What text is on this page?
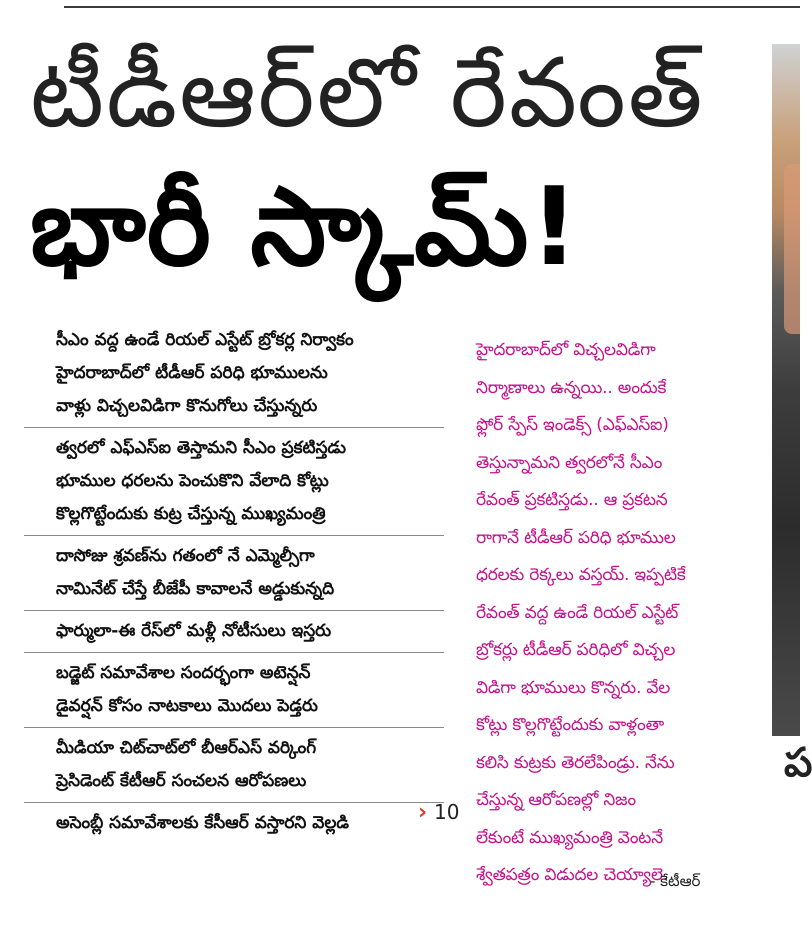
టీడీఆర్‌లో రేవంత్‌
భారీ స్కామ్‌!
ప
సీఎం వద్ద ఉండే రియల్‌ ఎస్టేట్‌ బ్రోకర్ల నిర్వాకం
హైదరాబాద్‌లో టీడీఆర్‌ పరిధి భూములను
వాళ్లు విచ్చలవిడిగా కొనుగోలు చేస్తున్నరు
త్వరలో ఎఫ్‌ఎస్‌ఐ తెస్తామని సీఎం ప్రకటిస్తడు
భూముల ధరలను పెంచుకొని వేలాది కోట్లు
కొల్లగొట్టేందుకు కుట్ర చేస్తున్న ముఖ్యమంత్రి
దాసోజు శ్రవణ్‌ను గతంలో నే ఎమ్మెల్సీగా
నామినేట్‌ చేస్తే బీజేపీ కావాలనే అడ్డుకున్నది
ఫార్ములా-ఈ రేస్‌లో మళ్లీ నోటీసులు ఇస్తరు
బడ్జెట్‌ సమావేశాల సందర్భంగా అటెన్షన్‌
డైవర్షన్‌ కోసం నాటకాలు మొదలు పెడ్తరు
మీడియా చిట్‌చాట్‌లో బీఆర్‌ఎస్‌ వర్కింగ్‌
ప్రెసిడెంట్‌ కేటీఆర్‌ సంచలన ఆరోపణలు
అసెంబ్లీ సమావేశాలకు కేసీఆర్‌ వస్తారని వెల్లడి	› 10
హైదరాబాద్‌లో విచ్చలవిడిగా
నిర్మాణాలు ఉన్నయి.. అందుకే
ఫ్లోర్‌ స్పేస్‌ ఇండెక్స్‌ (ఎఫ్‌ఎస్‌ఐ)
తెస్తున్నామని త్వరలోనే సీఎం
రేవంత్‌ ప్రకటిస్తడు.. ఆ ప్రకటన
రాగానే టీడీఆర్‌ పరిధి భూముల
ధరలకు రెక్కలు వస్తయ్‌. ఇప్పటికే
రేవంత్‌ వద్ద ఉండే రియల్‌ ఎస్టేట్‌
బ్రోకర్లు టీడీఆర్‌ పరిధిలో విచ్చల
విడిగా భూములు కొన్నరు. వేల
కోట్లు కొల్లగొట్టేందుకు వాళ్లంతా
కలిసి కుట్రకు తెరలేపిండ్రు. నేను
చేస్తున్న ఆరోపణల్లో నిజం
లేకుంటే ముఖ్యమంత్రి వెంటనే
శ్వేతపత్రం విడుదల చెయ్యాలె.
- కేటీఆర్‌
